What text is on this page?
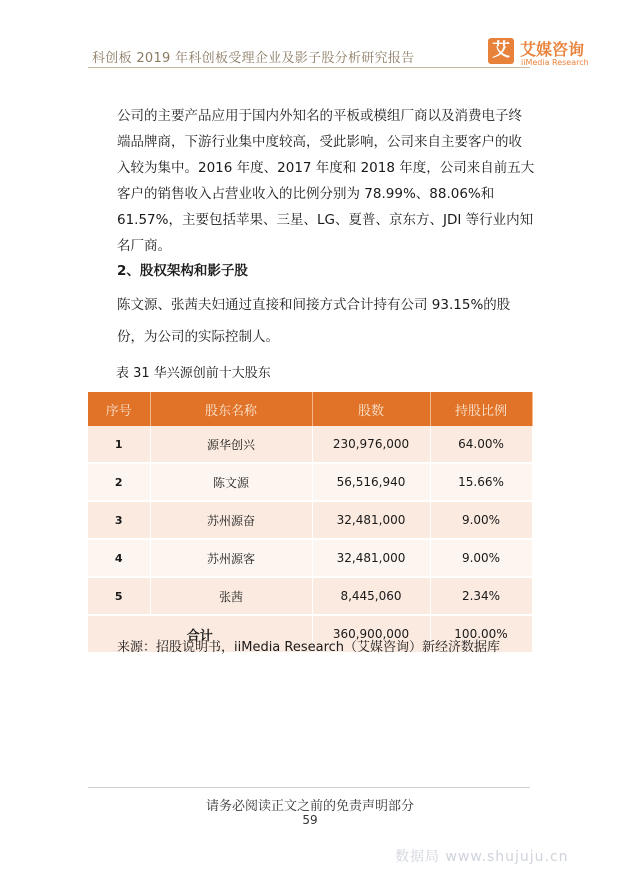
科创板 2019 年科创板受理企业及影子股分析研究报告	艾 艾媒咨询
iiMedia Research
公司的主要产品应用于国内外知名的平板或模组厂商以及消费电子终端品牌商，下游行业集中度较高，受此影响，公司来自主要客户的收入较为集中。2016 年度、2017 年度和 2018 年度，公司来自前五大客户的销售收入占营业收入的比例分别为 78.99%、88.06%和 61.57%，主要包括苹果、三星、LG、夏普、京东方、JDI 等行业内知名厂商。
2、股权架构和影子股
陈文源、张茜夫妇通过直接和间接方式合计持有公司 93.15%的股份，为公司的实际控制人。
表 31 华兴源创前十大股东
序号	股东名称	股数	持股比例
1	源华创兴	230,976,000	64.00%
2	陈文源	56,516,940	15.66%
3	苏州源奋	32,481,000	9.00%
4	苏州源客	32,481,000	9.00%
5	张茜	8,445,060	2.34%
合计		360,900,000	100.00%
来源：招股说明书，iiMedia Research（艾媒咨询）新经济数据库
请务必阅读正文之前的免责声明部分
59
数据局 www.shujuju.cn
